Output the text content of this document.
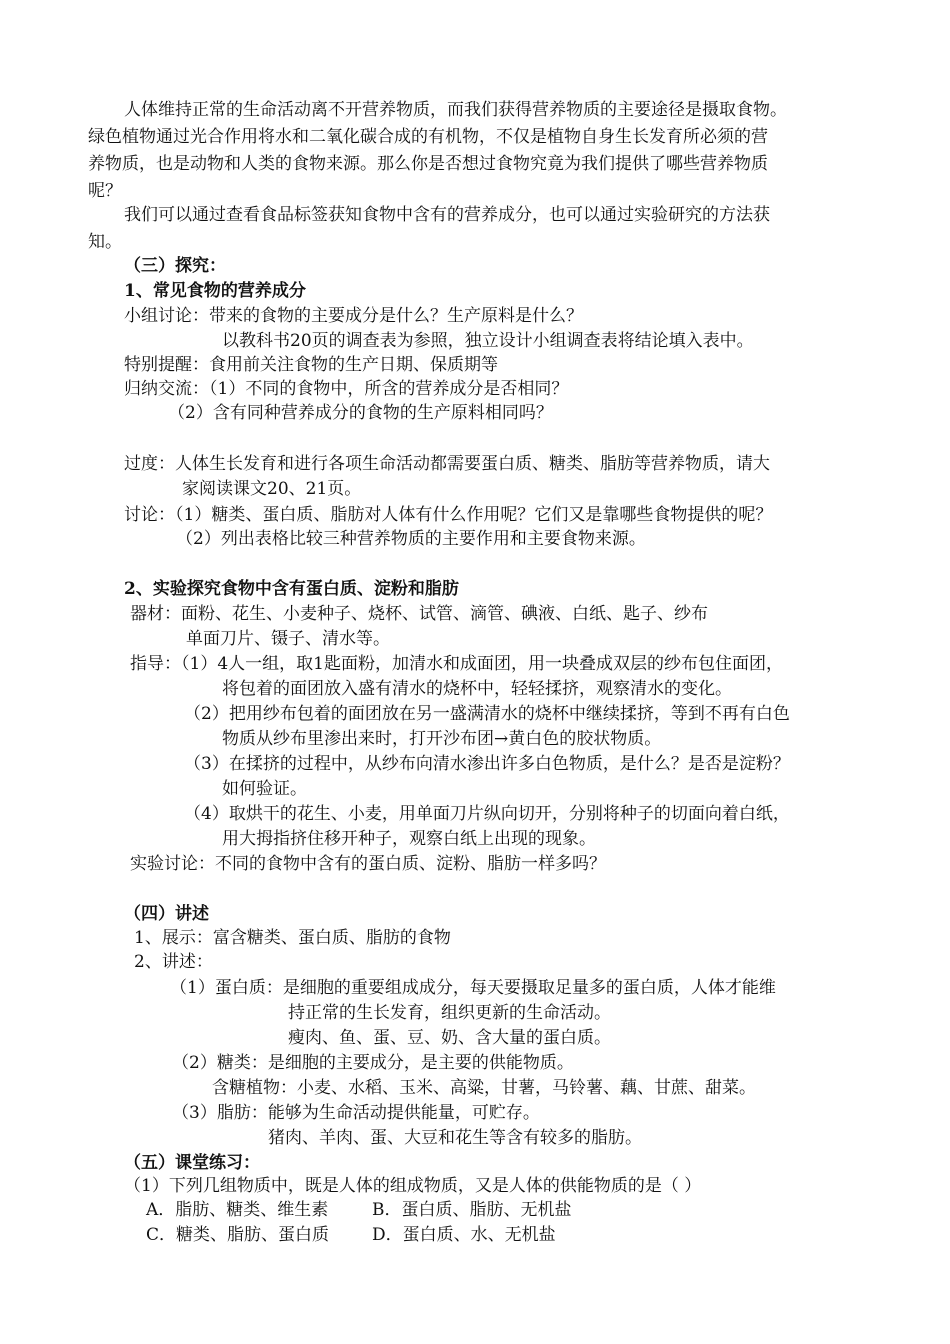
人体维持正常的生命活动离不开营养物质，而我们获得营养物质的主要途径是摄取食物。
绿色植物通过光合作用将水和二氧化碳合成的有机物，不仅是植物自身生长发育所必须的营
养物质，也是动物和人类的食物来源。那么你是否想过食物究竟为我们提供了哪些营养物质
呢？
我们可以通过查看食品标签获知食物中含有的营养成分，也可以通过实验研究的方法获
知。
（三）探究：
1、常见食物的营养成分
小组讨论：带来的食物的主要成分是什么？生产原料是什么？
以教科书20页的调查表为参照，独立设计小组调查表将结论填入表中。
特别提醒：食用前关注食物的生产日期、保质期等
归纳交流：（1）不同的食物中，所含的营养成分是否相同？
（2）含有同种营养成分的食物的生产原料相同吗？
过度：人体生长发育和进行各项生命活动都需要蛋白质、糖类、脂肪等营养物质，请大
家阅读课文20、21页。
讨论：（1）糖类、蛋白质、脂肪对人体有什么作用呢？它们又是靠哪些食物提供的呢？
（2）列出表格比较三种营养物质的主要作用和主要食物来源。
2、实验探究食物中含有蛋白质、淀粉和脂肪
器材：面粉、花生、小麦种子、烧杯、试管、滴管、碘液、白纸、匙子、纱布
单面刀片、镊子、清水等。
指导：（1）4人一组，取1匙面粉，加清水和成面团，用一块叠成双层的纱布包住面团，
将包着的面团放入盛有清水的烧杯中，轻轻揉挤，观察清水的变化。
（2）把用纱布包着的面团放在另一盛满清水的烧杯中继续揉挤，等到不再有白色
物质从纱布里渗出来时，打开沙布团→黄白色的胶状物质。
（3）在揉挤的过程中，从纱布向清水渗出许多白色物质，是什么？是否是淀粉？
如何验证。
（4）取烘干的花生、小麦，用单面刀片纵向切开，分别将种子的切面向着白纸，
用大拇指挤住移开种子，观察白纸上出现的现象。
实验讨论：不同的食物中含有的蛋白质、淀粉、脂肪一样多吗？
（四）讲述
1、展示：富含糖类、蛋白质、脂肪的食物
2、讲述：
（1）蛋白质：是细胞的重要组成成分，每天要摄取足量多的蛋白质，人体才能维
持正常的生长发育，组织更新的生命活动。
瘦肉、鱼、蛋、豆、奶、含大量的蛋白质。
（2）糖类：是细胞的主要成分，是主要的供能物质。
含糖植物：小麦、水稻、玉米、高粱，甘薯，马铃薯、藕、甘蔗、甜菜。
（3）脂肪：能够为生命活动提供能量，可贮存。
猪肉、羊肉、蛋、大豆和花生等含有较多的脂肪。
（五）课堂练习：
（1）下列几组物质中，既是人体的组成物质，又是人体的供能物质的是（ ）
A．脂肪、糖类、维生素	B．蛋白质、脂肪、无机盐
C．糖类、脂肪、蛋白质	D．蛋白质、水、无机盐
